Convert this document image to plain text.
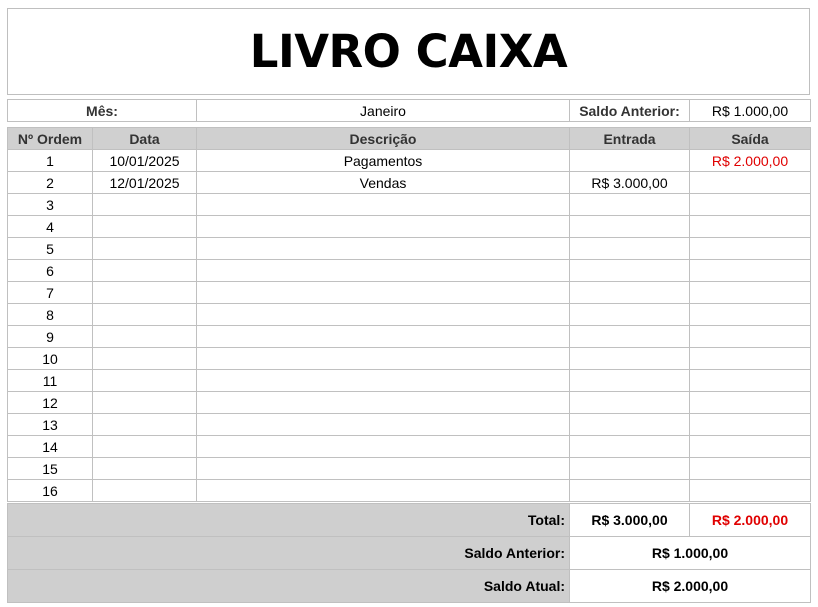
LIVRO CAIXA
Mês:	Janeiro	Saldo Anterior:	R$ 1.000,00
Nº Ordem	Data	Descrição	Entrada	Saída
1	10/01/2025	Pagamentos		R$ 2.000,00
2	12/01/2025	Vendas	R$ 3.000,00	
3				
4				
5				
6				
7				
8				
9				
10				
11				
12				
13				
14				
15				
16				
Total:	R$ 3.000,00	R$ 2.000,00
Saldo Anterior:	R$ 1.000,00	
Saldo Atual:	R$ 2.000,00	
